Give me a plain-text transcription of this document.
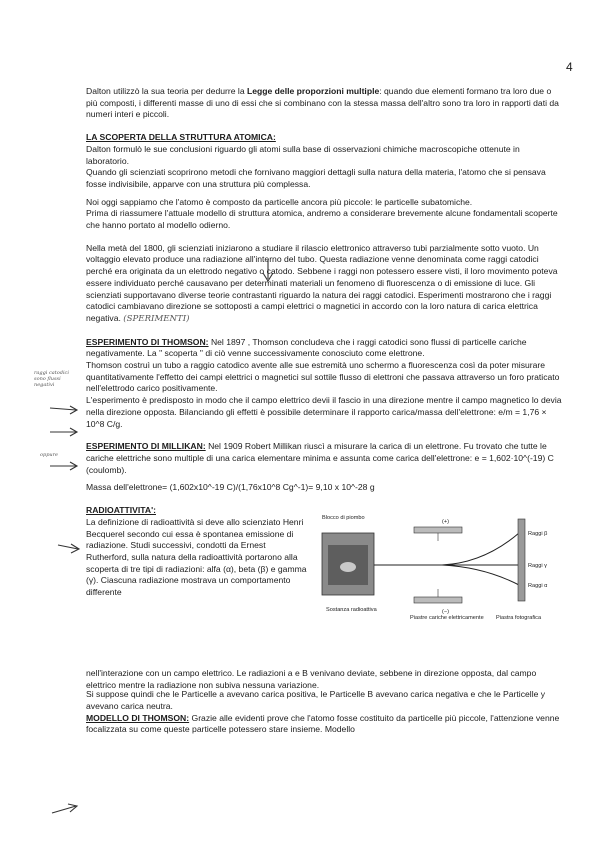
4
raggi catodici sono flussi negativi
oppure

Dalton utilizzò la sua teoria per dedurre la Legge delle proporzioni multiple: quando due elementi formano tra loro due o più composti, i differenti masse di uno di essi che si combinano con la stessa massa dell'altro sono tra loro in rapporti dati da numeri interi e piccoli.

LA SCOPERTA DELLA STRUTTURA ATOMICA:

Dalton formulò le sue conclusioni riguardo gli atomi sulla base di osservazioni chimiche macroscopiche ottenute in laboratorio.

Quando gli scienziati scoprirono metodi che fornivano maggiori dettagli sulla natura della materia, l'atomo che si pensava fosse indivisibile, apparve con una struttura più complessa.

Noi oggi sappiamo che l'atomo è composto da particelle ancora più piccole: le particelle subatomiche.

Prima di riassumere l'attuale modello di struttura atomica, andremo a considerare brevemente alcune fondamentali scoperte che hanno portato al modello odierno.

Nella metà del 1800, gli scienziati iniziarono a studiare il rilascio elettronico attraverso tubi parzialmente sotto vuoto. Un voltaggio elevato produce una radiazione all'interno del tubo. Questa radiazione venne denominata come raggi catodici perché era originata da un elettrodo negativo o catodo. Sebbene i raggi non potessero essere visti, il loro movimento poteva essere individuato perché causavano per determinati materiali un fenomeno di fluorescenza o di emissione di luce. Gli scienziati supportavano diverse teorie contrastanti riguardo la natura dei raggi catodici. Esperimenti mostrarono che i raggi catodici cambiavano direzione se sottoposti a campi elettrici o magnetici in accordo con la loro natura di carica elettrica negativa. (SPERIMENTI)

ESPERIMENTO DI THOMSON: Nel 1897 , Thomson concludeva che i raggi catodici sono flussi di particelle cariche negativamente. La " scoperta " di ciò venne successivamente conosciuto come elettrone.

Thomson costruì un tubo a raggio catodico avente alle sue estremità uno schermo a fluorescenza così da poter misurare quantitativamente l'effetto dei campi elettrici o magnetici sul sottile flusso di elettroni che passava attraverso un foro praticato nell'elettrodo carico positivamente.

L'esperimento è predisposto in modo che il campo elettrico devii il fascio in una direzione mentre il campo magnetico lo devia nella direzione opposta. Bilanciando gli effetti è possibile determinare il rapporto carica/massa dell'elettrone: e/m = 1,76 × 10^8 C/g.

ESPERIMENTO DI MILLIKAN: Nel 1909 Robert Millikan riuscì a misurare la carica di un elettrone. Fu trovato che tutte le cariche elettriche sono multiple di una carica elementare minima e assunta come carica dell'elettrone: e = 1,602·10^(-19) C (coulomb).

Massa dell'elettrone= (1,602x10^-19 C)/(1,76x10^8 Cg^-1)= 9,10 x 10^-28 g

RADIOATTIVITA':

La definizione di radioattività si deve allo scienziato Henri Becquerel secondo cui essa è spontanea emissione di radiazione. Studi successivi, condotti da Ernest Rutherford, sulla natura della radioattività portarono alla scoperta di tre tipi di radiazioni: alfa (α), beta (β) e gamma (γ). Ciascuna radiazione mostrava un comportamento differente

Blocco di piombo
Sostanza radioattiva
Piastre cariche elettricamente Piastra fotografica
(+)
(−)
Raggi β
Raggi γ
Raggi α

nell'interazione con un campo elettrico. Le radiazioni a e B venivano deviate, sebbene in direzione opposta, dal campo elettrico mentre la radiazione non subiva nessuna variazione.

Si suppose quindi che le Particelle a avevano carica positiva, le Particelle B avevano carica negativa e che le Particelle y avevano carica neutra.

MODELLO DI THOMSON: Grazie alle evidenti prove che l'atomo fosse costituito da particelle più piccole, l'attenzione venne focalizzata su come queste particelle potessero stare insieme. Modello
